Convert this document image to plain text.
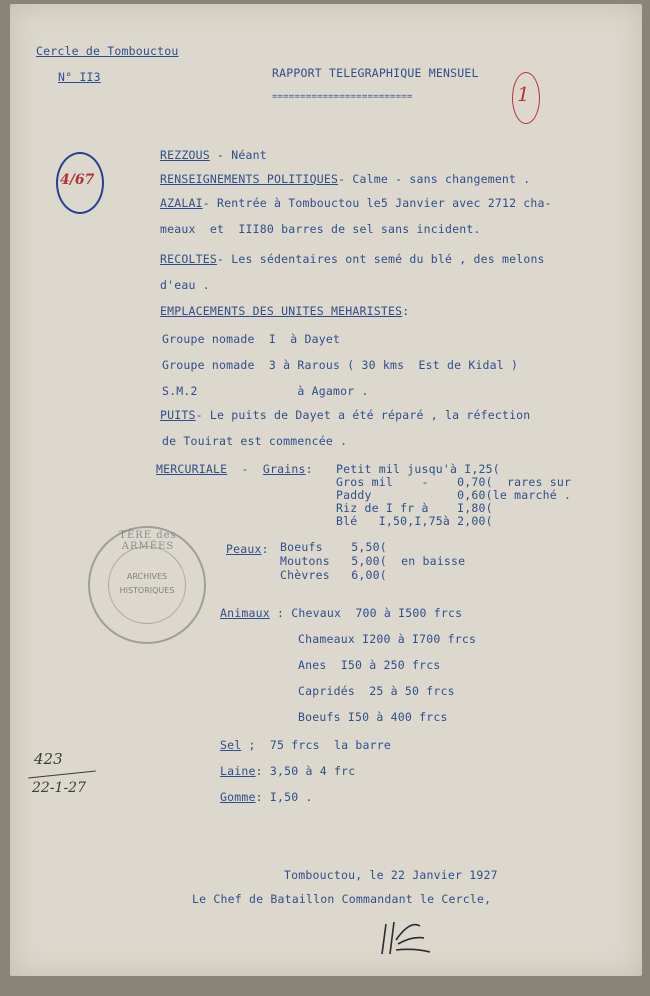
Cercle de Tombouctou
N° II3	RAPPORT TELEGRAPHIQUE MENSUEL
=========================	1
4/67
REZZOUS - Néant
RENSEIGNEMENTS POLITIQUES- Calme - sans changement .
AZALAI- Rentrée à Tombouctou le5 Janvier avec 2712 cha-
meaux  et  III80 barres de sel sans incident.
RECOLTES- Les sédentaires ont semé du blé , des melons
d'eau .
EMPLACEMENTS DES UNITES MEHARISTES:
Groupe nomade  I  à Dayet
Groupe nomade  3 à Rarous ( 30 kms  Est de Kidal )
S.M.2              à Agamor .
PUITS- Le puits de Dayet a été réparé , la réfection
de Touirat est commencée .
MERCURIALE  -  Grains: Petit mil jusqu'à I,25(
Gros mil    -    0,70(  rares sur
Paddy            0,60(le marché .
Riz de I fr à    I,80(
Blé   I,50,I,75à 2,00(
Peaux: Boeufs    5,50(
Moutons   5,00(  en baisse
Chèvres   6,00(
Animaux : Chevaux  700 à I500 frcs
Chameaux I200 à I700 frcs
Anes  I50 à 250 frcs
Capridés  25 à 50 frcs
Boeufs I50 à 400 frcs
Sel ;  75 frcs  la barre
Laine: 3,50 à 4 frc
Gomme: I,50 .
TÈRE des ARMÉES
ARCHIVES
HISTORIQUES
423
22-1-27
Tombouctou, le 22 Janvier 1927
Le Chef de Bataillon Commandant le Cercle,
